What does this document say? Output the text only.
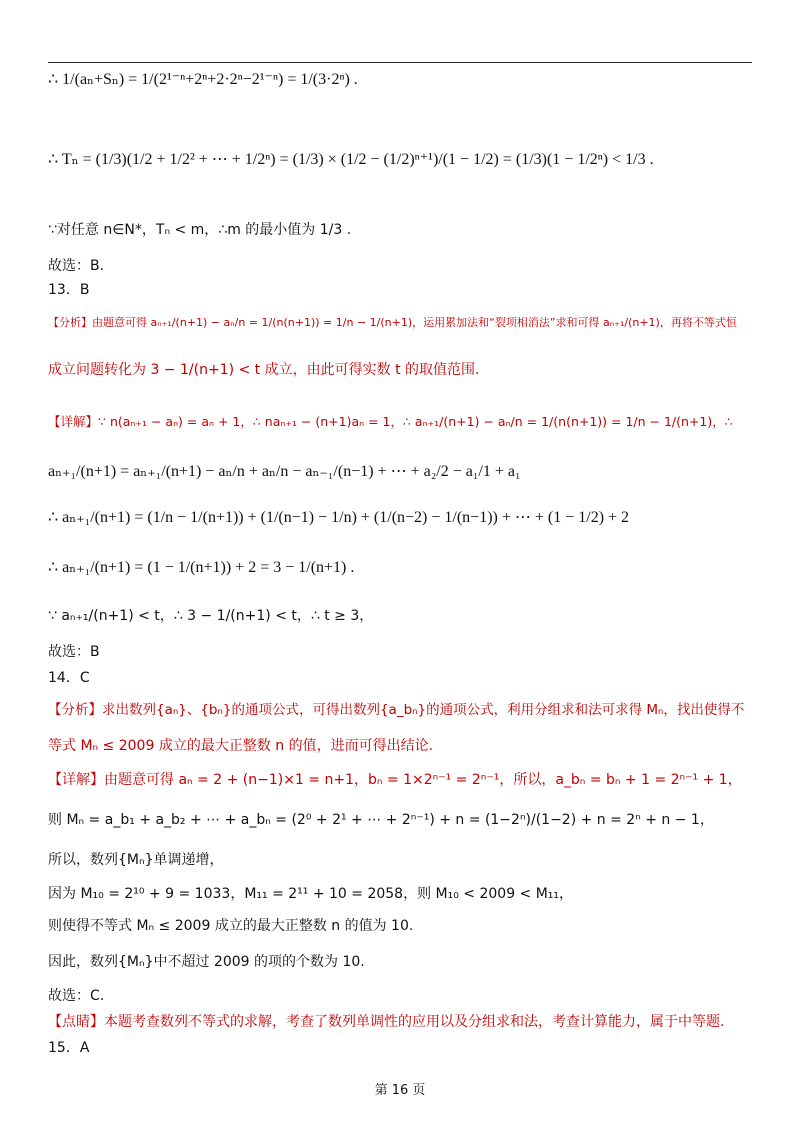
∴ 1/(aₙ+Sₙ) = 1/(2¹⁻ⁿ+2ⁿ+2·2ⁿ−2¹⁻ⁿ) = 1/(3·2ⁿ) .
∴ Tₙ = (1/3)(1/2 + 1/2² + ⋯ + 1/2ⁿ) = (1/3) × (1/2 − (1/2)ⁿ⁺¹)/(1 − 1/2) = (1/3)(1 − 1/2ⁿ) < 1/3 .
∵对任意 n∈N*，Tₙ < m，∴m 的最小值为 1/3 .
故选：B.
13．B
【分析】由题意可得 aₙ₊₁/(n+1) − aₙ/n = 1/(n(n+1)) = 1/n − 1/(n+1)，运用累加法和“裂项相消法”求和可得 aₙ₊₁/(n+1)，再将不等式恒
成立问题转化为 3 − 1/(n+1) < t 成立，由此可得实数 t 的取值范围.
【详解】∵ n(aₙ₊₁ − aₙ) = aₙ + 1，∴ naₙ₊₁ − (n+1)aₙ = 1，∴ aₙ₊₁/(n+1) − aₙ/n = 1/(n(n+1)) = 1/n − 1/(n+1)，∴
aₙ₊₁/(n+1) = aₙ₊₁/(n+1) − aₙ/n + aₙ/n − aₙ₋₁/(n−1) + ⋯ + a₂/2 − a₁/1 + a₁
∴ aₙ₊₁/(n+1) = (1/n − 1/(n+1)) + (1/(n−1) − 1/n) + (1/(n−2) − 1/(n−1)) + ⋯ + (1 − 1/2) + 2
∴ aₙ₊₁/(n+1) = (1 − 1/(n+1)) + 2 = 3 − 1/(n+1) .
∵ aₙ₊₁/(n+1) < t，∴ 3 − 1/(n+1) < t，∴ t ≥ 3，
故选：B
14．C
【分析】求出数列{aₙ}、{bₙ}的通项公式，可得出数列{a_bₙ}的通项公式，利用分组求和法可求得 Mₙ，找出使得不
等式 Mₙ ≤ 2009 成立的最大正整数 n 的值，进而可得出结论.
【详解】由题意可得 aₙ = 2 + (n−1)×1 = n+1，bₙ = 1×2ⁿ⁻¹ = 2ⁿ⁻¹，所以，a_bₙ = bₙ + 1 = 2ⁿ⁻¹ + 1，
则 Mₙ = a_b₁ + a_b₂ + ⋯ + a_bₙ = (2⁰ + 2¹ + ⋯ + 2ⁿ⁻¹) + n = (1−2ⁿ)/(1−2) + n = 2ⁿ + n − 1，
所以，数列{Mₙ}单调递增，
因为 M₁₀ = 2¹⁰ + 9 = 1033，M₁₁ = 2¹¹ + 10 = 2058，则 M₁₀ < 2009 < M₁₁，
则使得不等式 Mₙ ≤ 2009 成立的最大正整数 n 的值为 10.
因此，数列{Mₙ}中不超过 2009 的项的个数为 10.
故选：C.
【点睛】本题考查数列不等式的求解，考查了数列单调性的应用以及分组求和法，考查计算能力，属于中等题.
15．A
第 16 页
